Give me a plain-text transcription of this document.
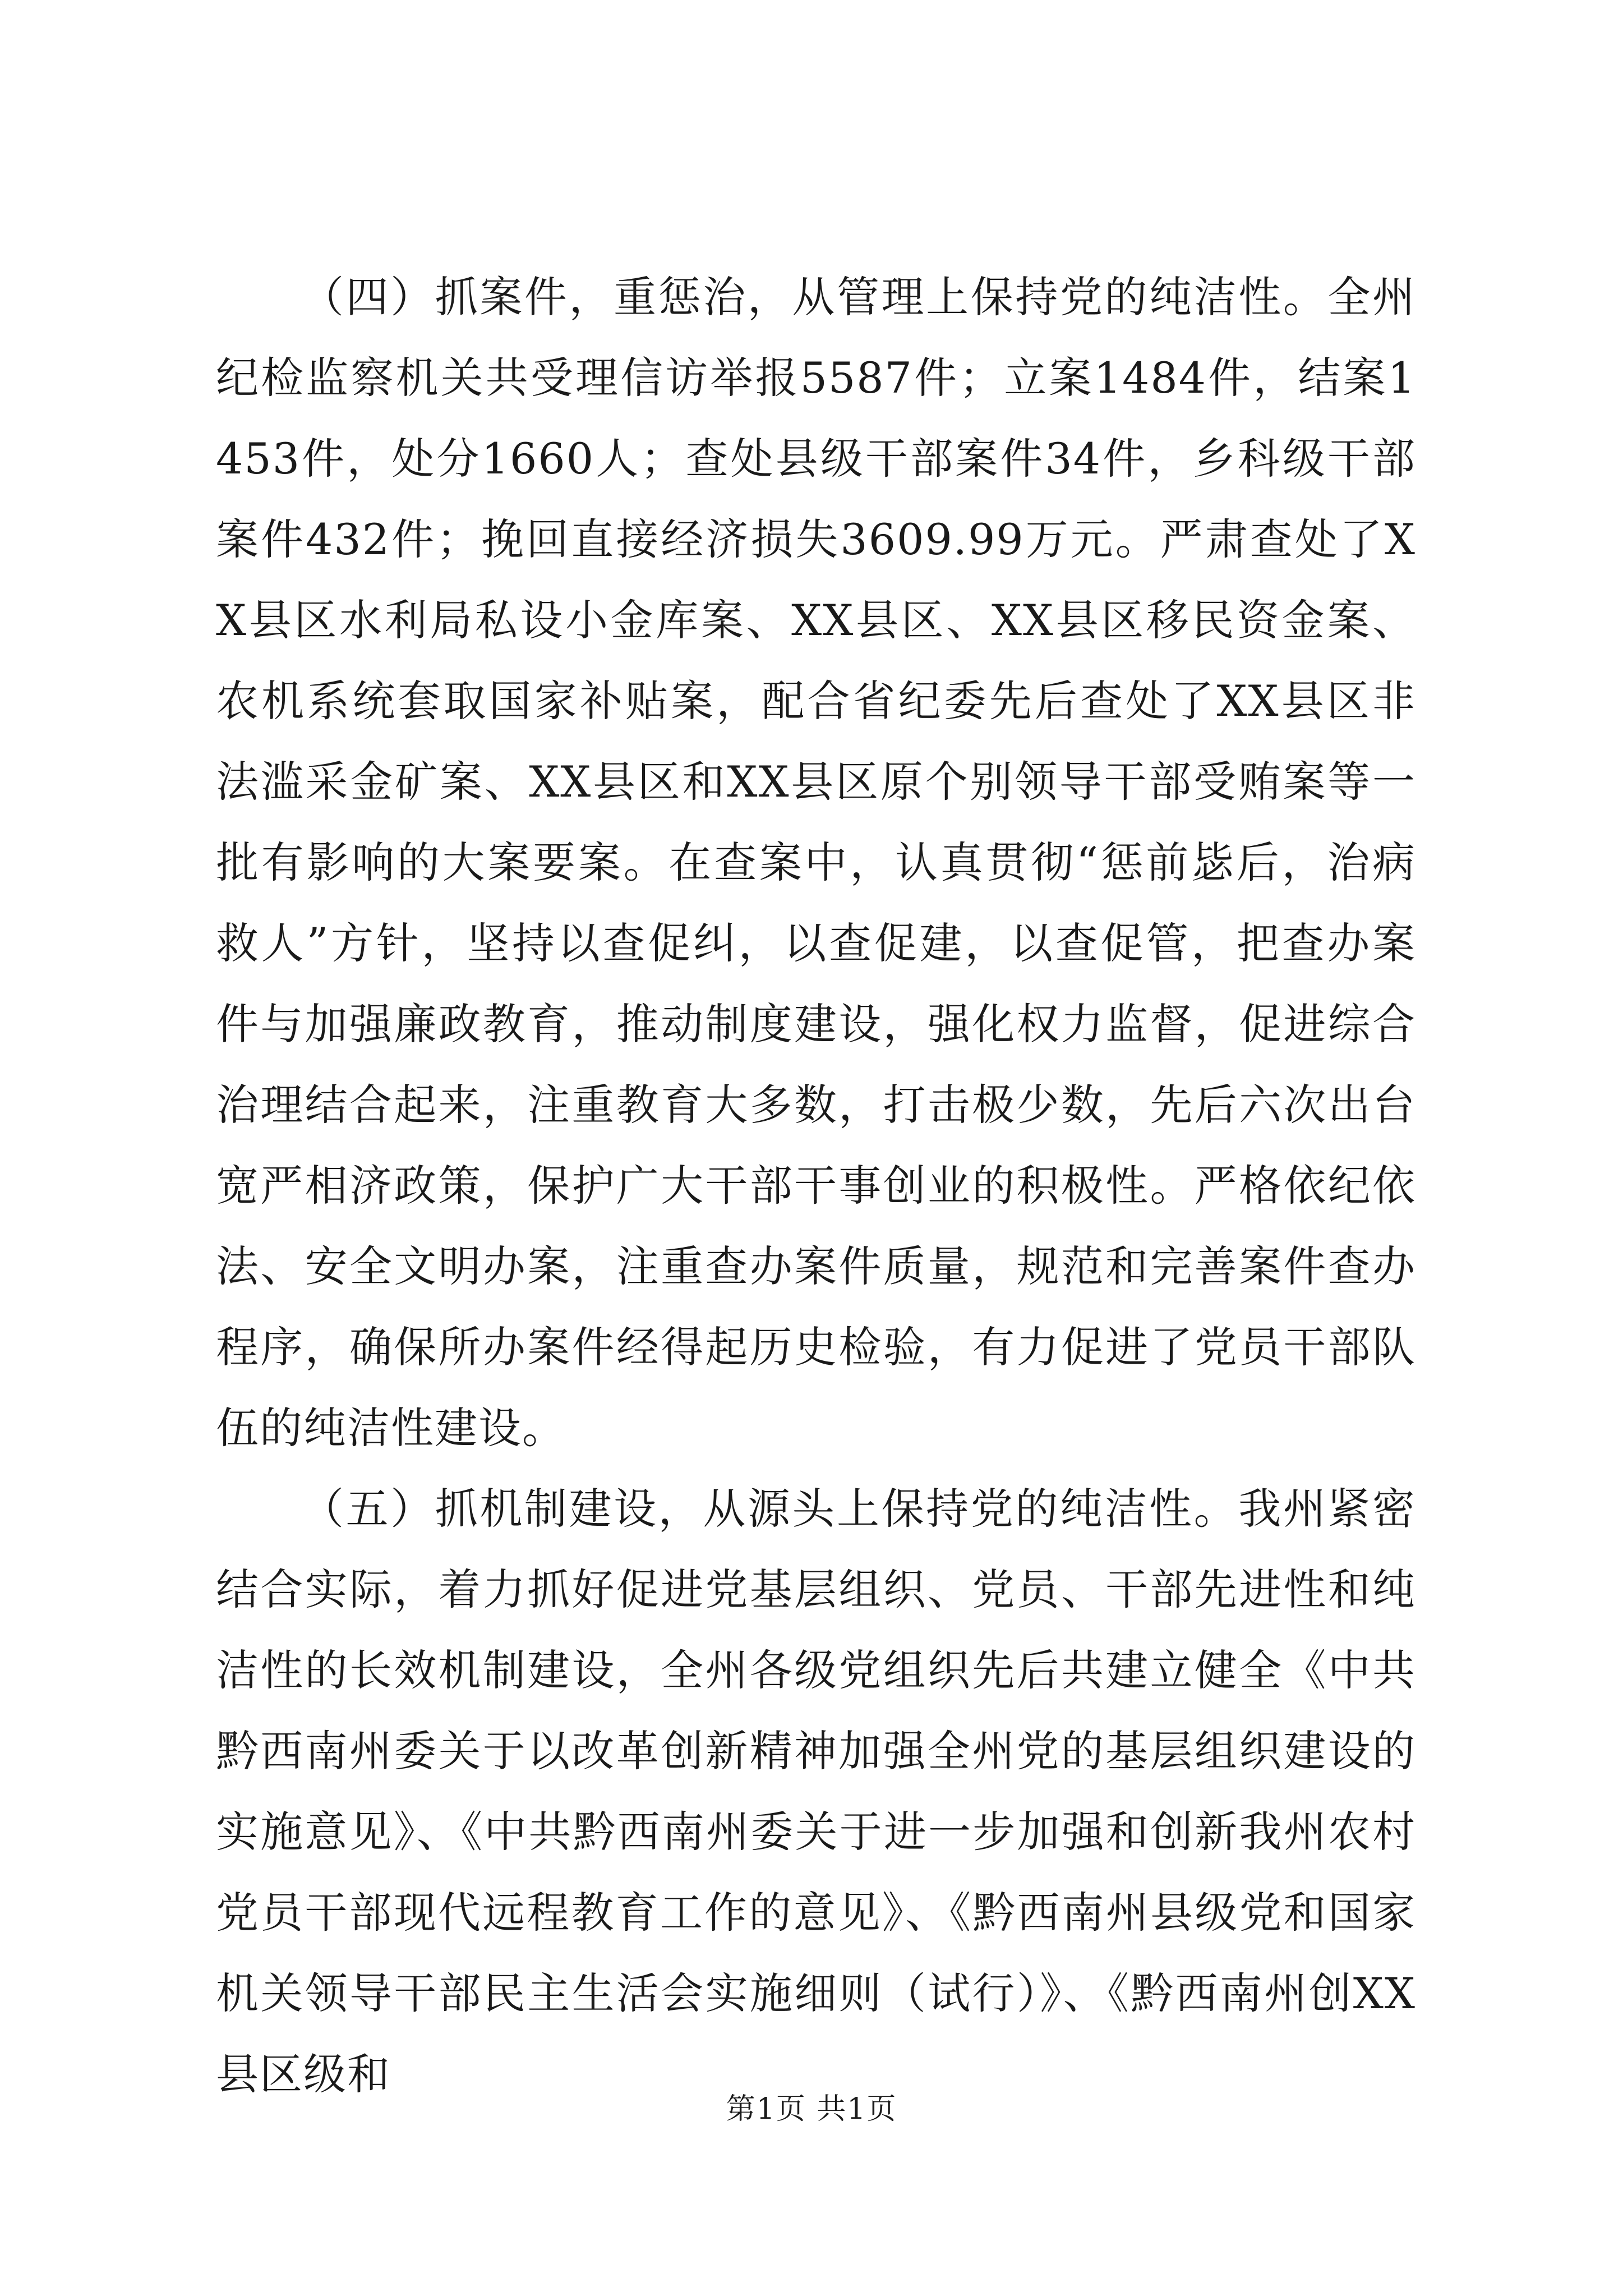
（四）抓案件，重惩治，从管理上保持党的纯洁性。全州纪检监察机关共受理信访举报5587件；立案1484件，结案1453件，处分1660人；查处县级干部案件34件，乡科级干部案件432件；挽回直接经济损失3609.99万元。严肃查处了XX县区水利局私设小金库案、XX县区、XX县区移民资金案、农机系统套取国家补贴案，配合省纪委先后查处了XX县区非法滥采金矿案、XX县区和XX县区原个别领导干部受贿案等一批有影响的大案要案。在查案中，认真贯彻“惩前毖后，治病救人”方针，坚持以查促纠，以查促建，以查促管，把查办案件与加强廉政教育，推动制度建设，强化权力监督，促进综合治理结合起来，注重教育大多数，打击极少数，先后六次出台宽严相济政策，保护广大干部干事创业的积极性。严格依纪依法、安全文明办案，注重查办案件质量，规范和完善案件查办程序，确保所办案件经得起历史检验，有力促进了党员干部队伍的纯洁性建设。

（五）抓机制建设，从源头上保持党的纯洁性。我州紧密结合实际，着力抓好促进党基层组织、党员、干部先进性和纯洁性的长效机制建设，全州各级党组织先后共建立健全《中共黔西南州委关于以改革创新精神加强全州党的基层组织建设的实施意见》、《中共黔西南州委关于进一步加强和创新我州农村党员干部现代远程教育工作的意见》、《黔西南州县级党和国家机关领导干部民主生活会实施细则（试行）》、《黔西南州创XX县区级和

第1页 共1页
